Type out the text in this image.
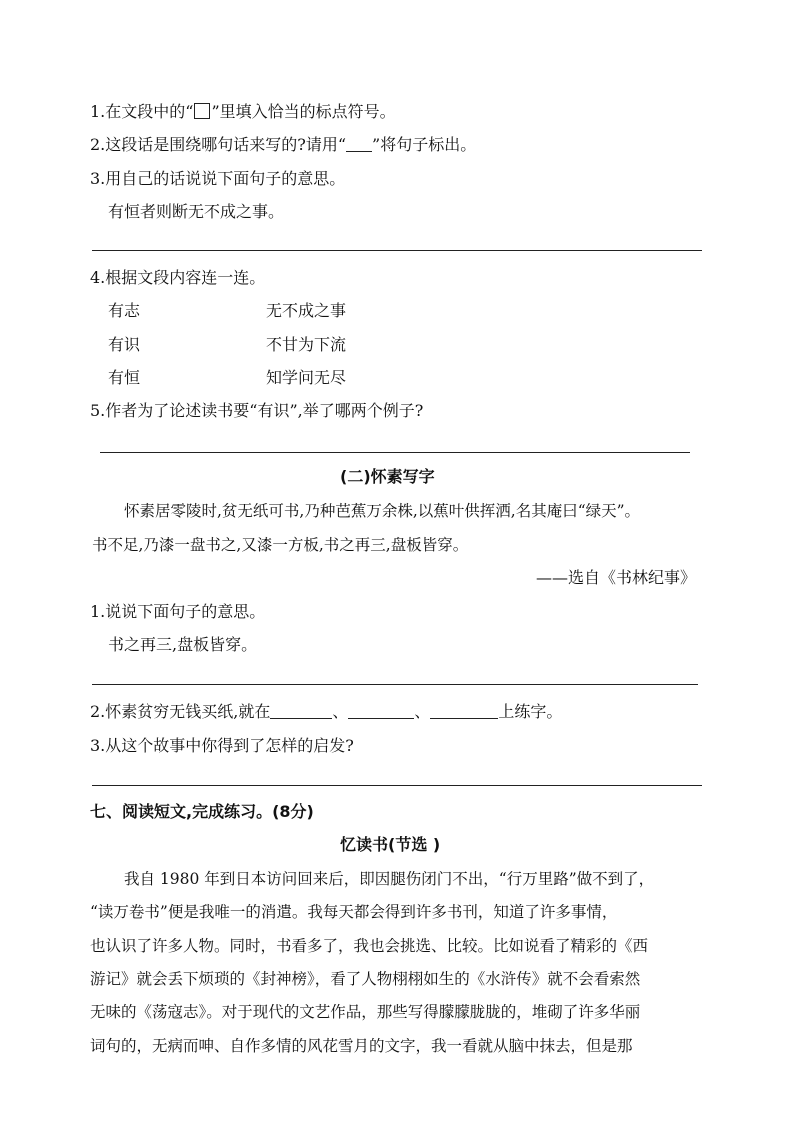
1.在文段中的“ ”里填入恰当的标点符号。
2.这段话是围绕哪句话来写的?请用“ ”将句子标出。
3.用自己的话说说下面句子的意思。
有恒者则断无不成之事。
4.根据文段内容连一连。
有志	无不成之事
有识	不甘为下流
有恒	知学问无尽
5.作者为了论述读书要“有识”,举了哪两个例子?
(二)怀素写字
怀素居零陵时,贫无纸可书,乃种芭蕉万余株,以蕉叶供挥洒,名其庵曰“绿天”。
书不足,乃漆一盘书之,又漆一方板,书之再三,盘板皆穿。
——选自《书林纪事》
1.说说下面句子的意思。
书之再三,盘板皆穿。
2.怀素贫穷无钱买纸,就在	、	、	上练字。
3.从这个故事中你得到了怎样的启发?
七、阅读短文,完成练习。(8分)
忆读书(节选 )
我自 1980 年到日本访问回来后，即因腿伤闭门不出，“行万里路”做不到了，
“读万卷书”便是我唯一的消遣。我每天都会得到许多书刊，知道了许多事情，
也认识了许多人物。同时，书看多了，我也会挑选、比较。比如说看了精彩的《西
游记》就会丢下烦琐的《封神榜》，看了人物栩栩如生的《水浒传》就不会看索然
无味的《荡寇志》。对于现代的文艺作品，那些写得朦朦胧胧的，堆砌了许多华丽
词句的，无病而呻、自作多情的风花雪月的文字，我一看就从脑中抹去，但是那
